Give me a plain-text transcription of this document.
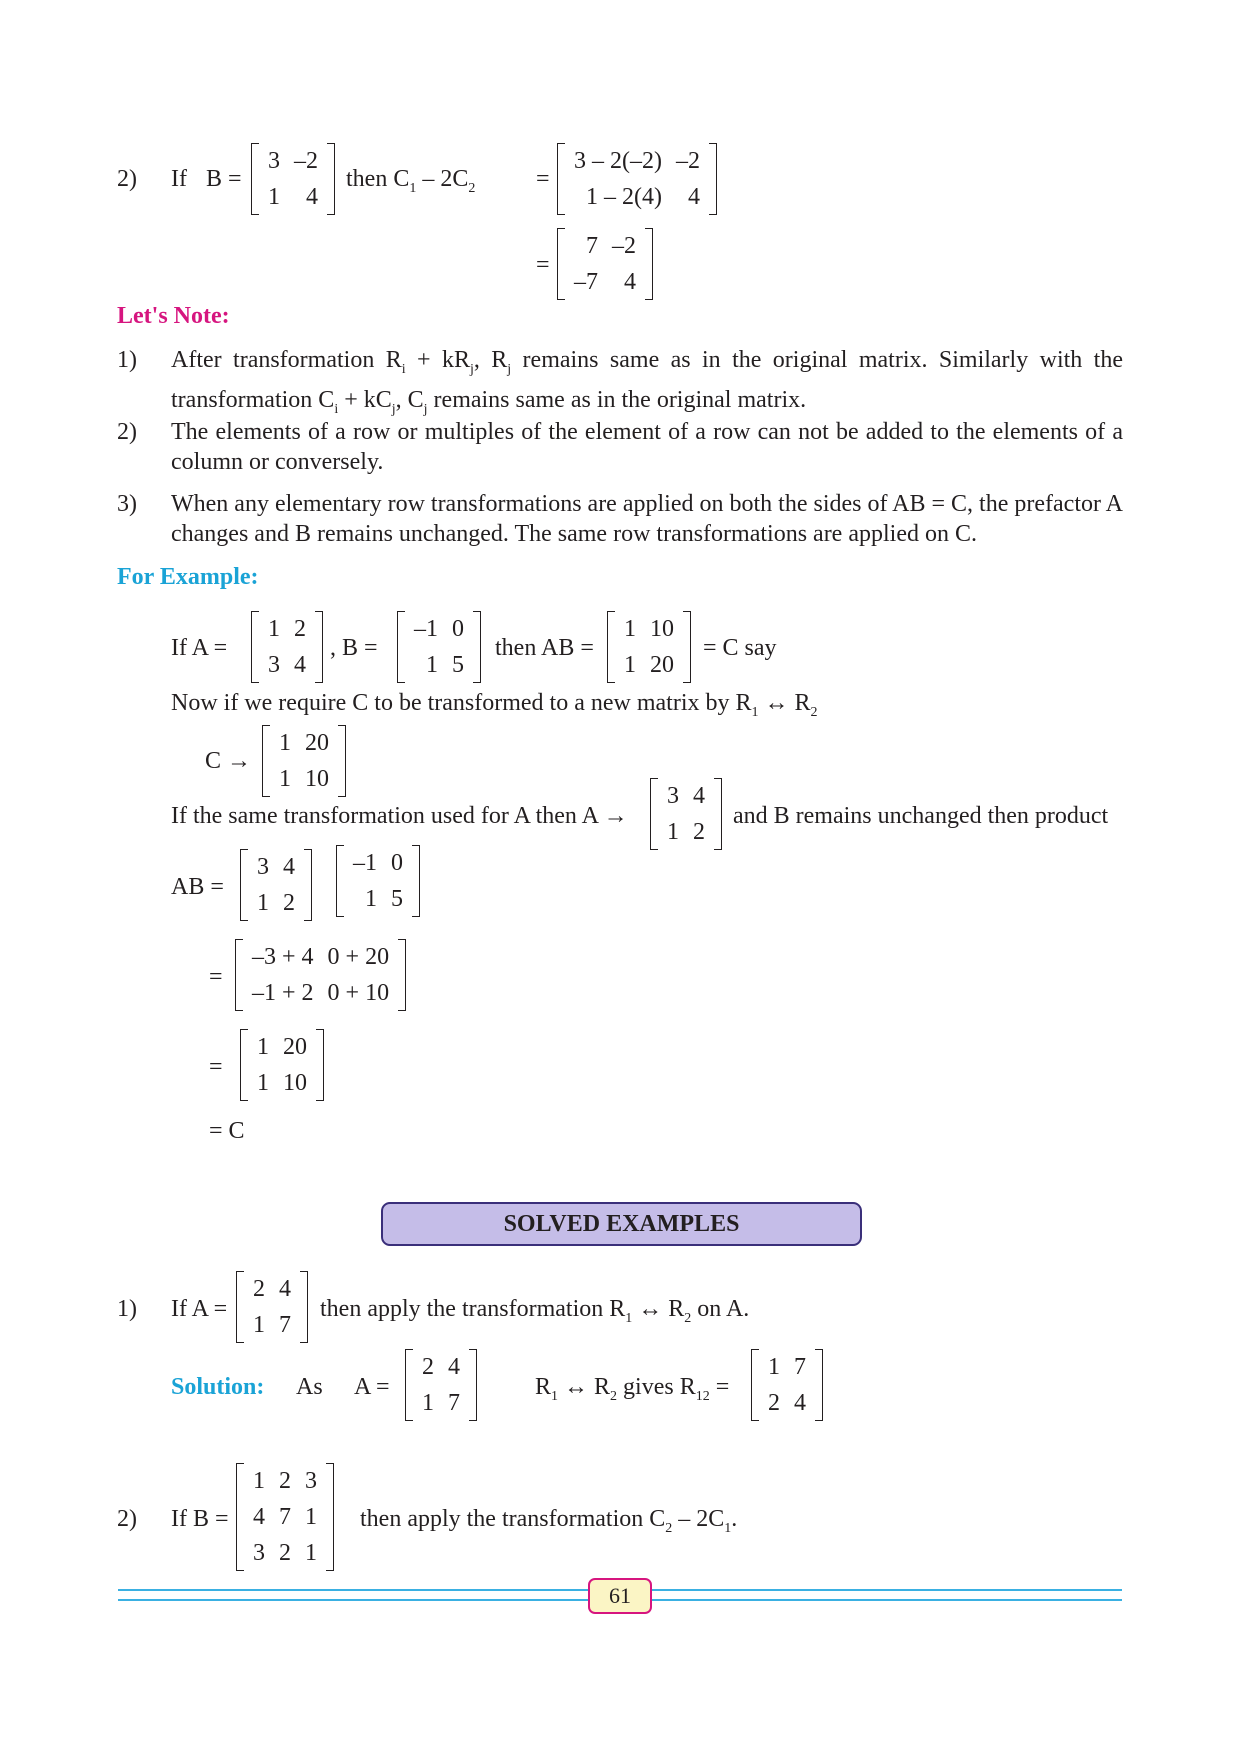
2) If B =
3	–2
1	4
then $C_1 - 2C_2$	=
3 – 2(–2)	–2
1 – 2(4)	4
=
7	–2
–7	4
Let's Note:
1) After transformation $R_i + kR_j$, $R_j$ remains same as in the original matrix. Similarly with the transformation $C_i + kC_j$, $C_j$ remains same as in the original matrix.
2) The elements of a row or multiples of the element of a row can not be added to the elements of a column or conversely.
3) When any elementary row transformations are applied on both the sides of AB = C, the prefactor A changes and B remains unchanged. The same row transformations are applied on C.
For Example:
If A =
1	2
3	4
, B =
–1	0
1	5
then AB =
1	10
1	20
= C say
Now if we require C to be transformed to a new matrix by $R_1$ ↔ $R_2$
C →
1	20
1	10
If the same transformation used for A then A →
3	4
1	2
and B remains unchanged then product
AB =
3	4
1	2
–1	0
1	5
=
–3 + 4	0 + 20
–1 + 2	0 + 10
=
1	20
1	10
= C
SOLVED EXAMPLES
1) If A =
2	4
1	7
then apply the transformation $R_1$ ↔ $R_2$ on A.
Solution: As A =
2	4
1	7
$R_1$ ↔ $R_2$ gives $R_{12}$ =
1	7
2	4
2) If B =
1	2	3
4	7	1
3	2	1
then apply the transformation $C_2 - 2C_1$.
61
